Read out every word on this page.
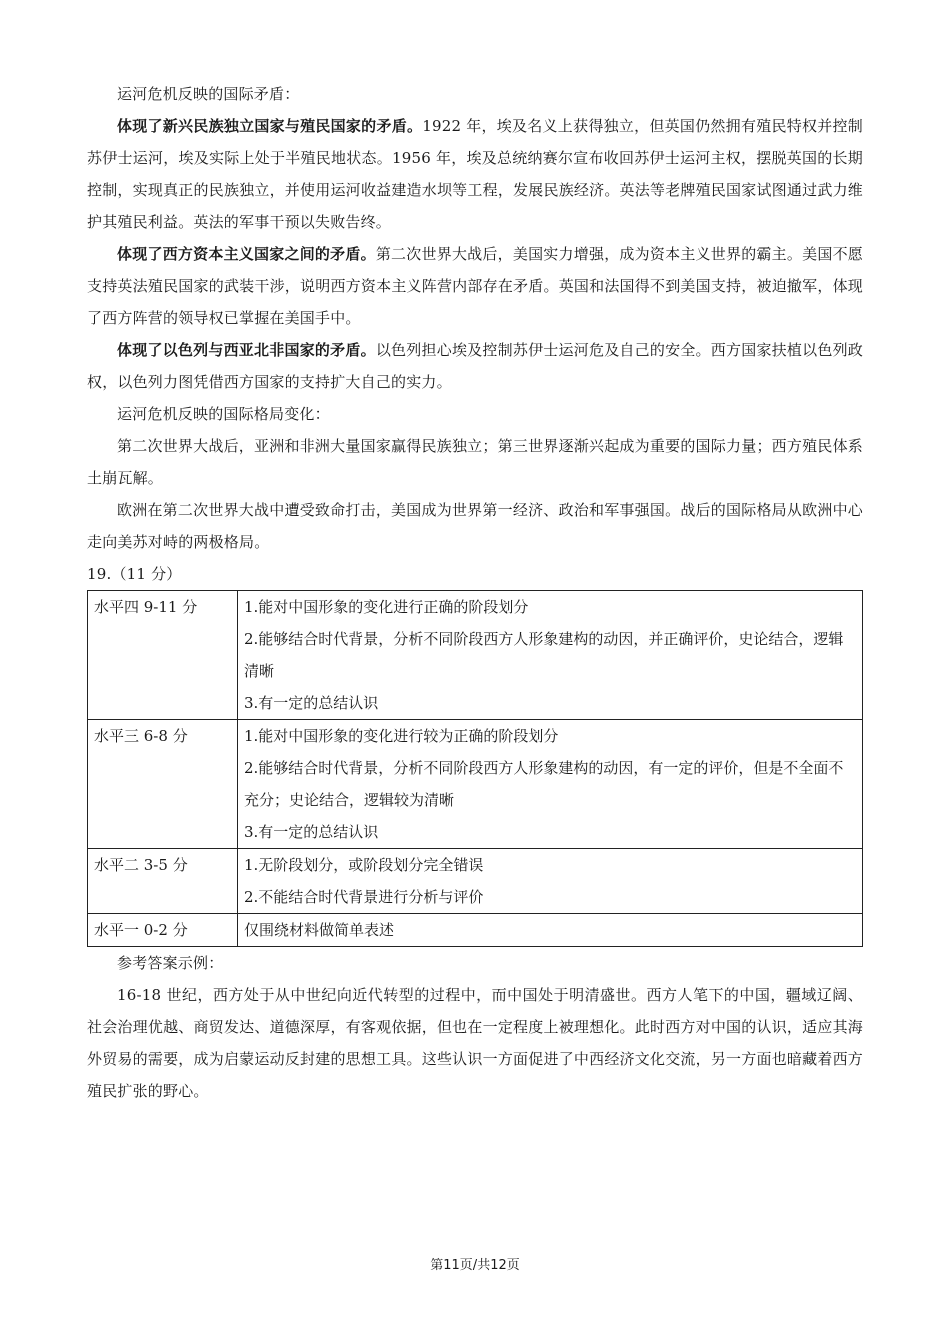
运河危机反映的国际矛盾：

体现了新兴民族独立国家与殖民国家的矛盾。1922 年，埃及名义上获得独立，但英国仍然拥有殖民特权并控制苏伊士运河，埃及实际上处于半殖民地状态。1956 年，埃及总统纳赛尔宣布收回苏伊士运河主权，摆脱英国的长期控制，实现真正的民族独立，并使用运河收益建造水坝等工程，发展民族经济。英法等老牌殖民国家试图通过武力维护其殖民利益。英法的军事干预以失败告终。

体现了西方资本主义国家之间的矛盾。第二次世界大战后，美国实力增强，成为资本主义世界的霸主。美国不愿支持英法殖民国家的武装干涉，说明西方资本主义阵营内部存在矛盾。英国和法国得不到美国支持，被迫撤军，体现了西方阵营的领导权已掌握在美国手中。

体现了以色列与西亚北非国家的矛盾。以色列担心埃及控制苏伊士运河危及自己的安全。西方国家扶植以色列政权，以色列力图凭借西方国家的支持扩大自己的实力。

运河危机反映的国际格局变化：

第二次世界大战后，亚洲和非洲大量国家赢得民族独立；第三世界逐渐兴起成为重要的国际力量；西方殖民体系土崩瓦解。

欧洲在第二次世界大战中遭受致命打击，美国成为世界第一经济、政治和军事强国。战后的国际格局从欧洲中心走向美苏对峙的两极格局。

19.（11 分）

水平四 9-11 分	1.能对中国形象的变化进行正确的阶段划分
2.能够结合时代背景，分析不同阶段西方人形象建构的动因，并正确评价，史论结合，逻辑清晰
3.有一定的总结认识

水平三 6-8 分	1.能对中国形象的变化进行较为正确的阶段划分
2.能够结合时代背景，分析不同阶段西方人形象建构的动因，有一定的评价，但是不全面不充分；史论结合，逻辑较为清晰
3.有一定的总结认识

水平二 3-5 分	1.无阶段划分，或阶段划分完全错误
2.不能结合时代背景进行分析与评价

水平一 0-2 分	仅围绕材料做简单表述

参考答案示例：

16-18 世纪，西方处于从中世纪向近代转型的过程中，而中国处于明清盛世。西方人笔下的中国，疆域辽阔、社会治理优越、商贸发达、道德深厚，有客观依据，但也在一定程度上被理想化。此时西方对中国的认识，适应其海外贸易的需要，成为启蒙运动反封建的思想工具。这些认识一方面促进了中西经济文化交流，另一方面也暗藏着西方殖民扩张的野心。

第11页/共12页
